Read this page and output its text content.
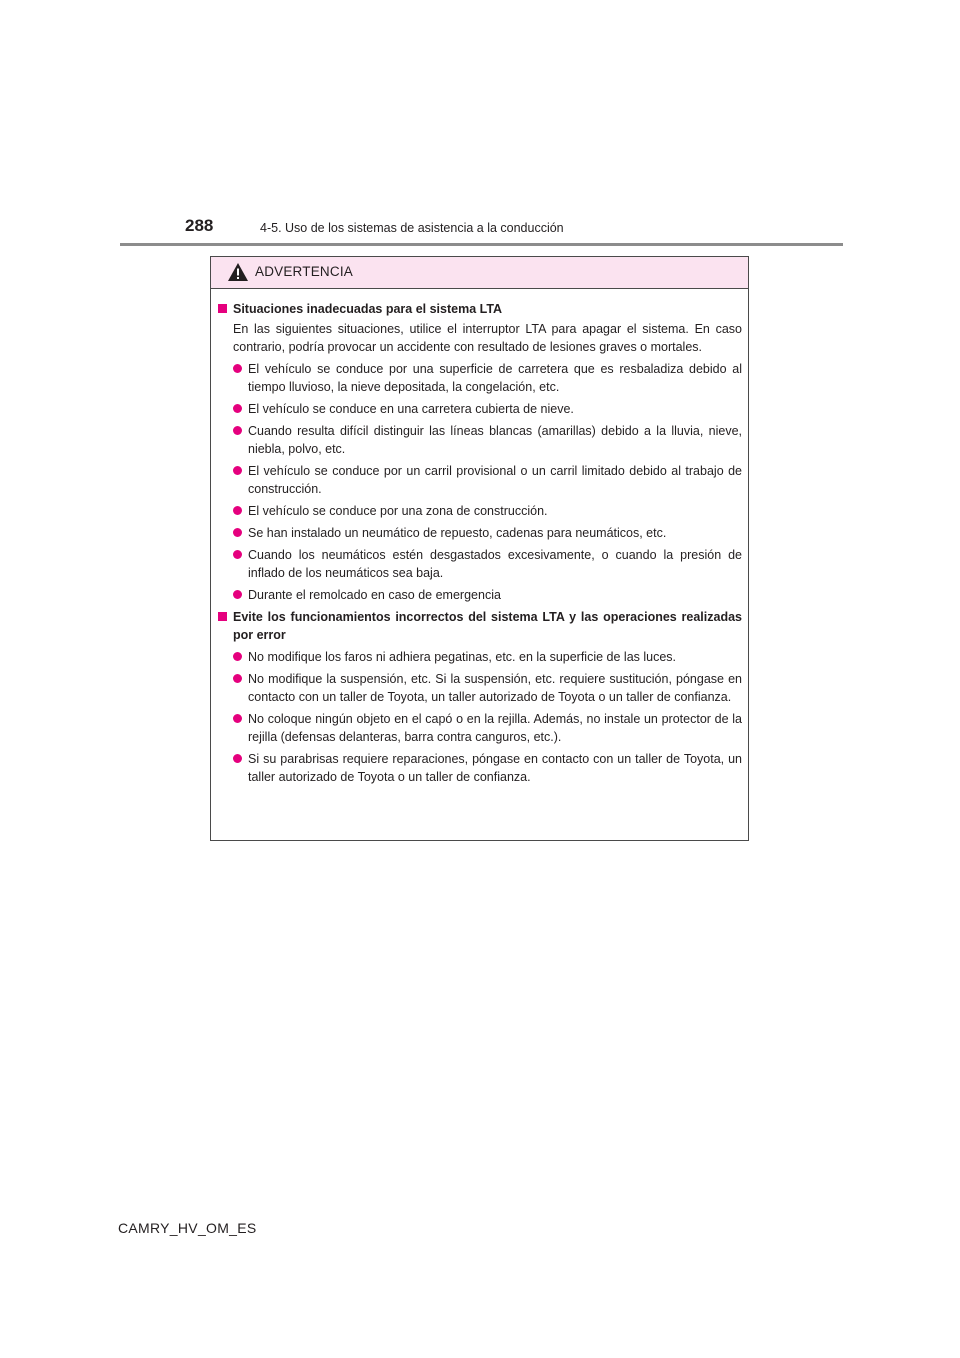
288	4-5. Uso de los sistemas de asistencia a la conducción
ADVERTENCIA
Situaciones inadecuadas para el sistema LTA
En las siguientes situaciones, utilice el interruptor LTA para apagar el sistema. En caso contrario, podría provocar un accidente con resultado de lesiones graves o mortales.
El vehículo se conduce por una superficie de carretera que es resbaladiza debido al tiempo lluvioso, la nieve depositada, la congelación, etc.
El vehículo se conduce en una carretera cubierta de nieve.
Cuando resulta difícil distinguir las líneas blancas (amarillas) debido a la lluvia, nieve, niebla, polvo, etc.
El vehículo se conduce por un carril provisional o un carril limitado debido al trabajo de construcción.
El vehículo se conduce por una zona de construcción.
Se han instalado un neumático de repuesto, cadenas para neumáticos, etc.
Cuando los neumáticos estén desgastados excesivamente, o cuando la presión de inflado de los neumáticos sea baja.
Durante el remolcado en caso de emergencia
Evite los funcionamientos incorrectos del sistema LTA y las operaciones realizadas por error
No modifique los faros ni adhiera pegatinas, etc. en la superficie de las luces.
No modifique la suspensión, etc. Si la suspensión, etc. requiere sustitución, póngase en contacto con un taller de Toyota, un taller autorizado de Toyota o un taller de confianza.
No coloque ningún objeto en el capó o en la rejilla. Además, no instale un protector de la rejilla (defensas delanteras, barra contra canguros, etc.).
Si su parabrisas requiere reparaciones, póngase en contacto con un taller de Toyota, un taller autorizado de Toyota o un taller de confianza.
CAMRY_HV_OM_ES
